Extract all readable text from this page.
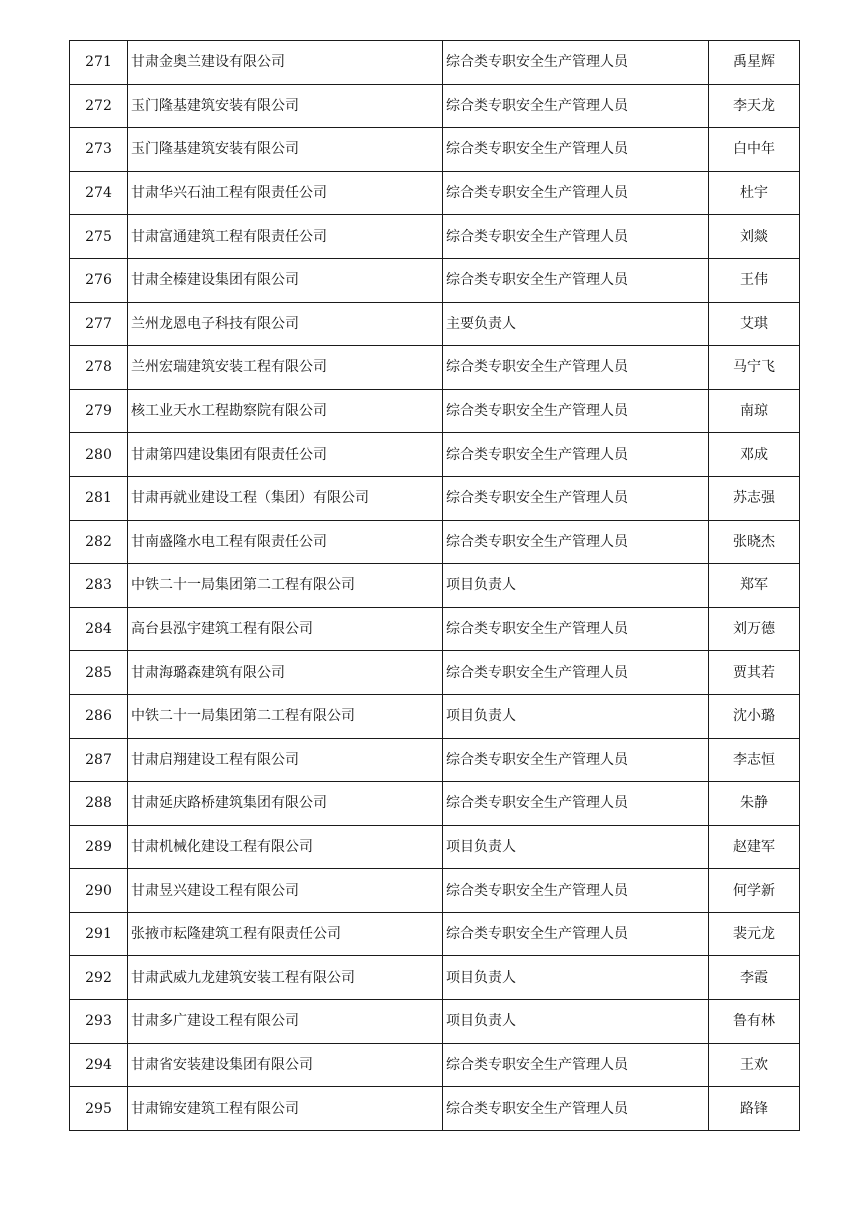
271	甘肃金奥兰建设有限公司	综合类专职安全生产管理人员	禹星辉
272	玉门隆基建筑安装有限公司	综合类专职安全生产管理人员	李天龙
273	玉门隆基建筑安装有限公司	综合类专职安全生产管理人员	白中年
274	甘肃华兴石油工程有限责任公司	综合类专职安全生产管理人员	杜宇
275	甘肃富通建筑工程有限责任公司	综合类专职安全生产管理人员	刘燚
276	甘肃全榛建设集团有限公司	综合类专职安全生产管理人员	王伟
277	兰州龙恩电子科技有限公司	主要负责人	艾琪
278	兰州宏瑞建筑安装工程有限公司	综合类专职安全生产管理人员	马宁飞
279	核工业天水工程勘察院有限公司	综合类专职安全生产管理人员	南琼
280	甘肃第四建设集团有限责任公司	综合类专职安全生产管理人员	邓成
281	甘肃再就业建设工程（集团）有限公司	综合类专职安全生产管理人员	苏志强
282	甘南盛隆水电工程有限责任公司	综合类专职安全生产管理人员	张晓杰
283	中铁二十一局集团第二工程有限公司	项目负责人	郑军
284	高台县泓宇建筑工程有限公司	综合类专职安全生产管理人员	刘万德
285	甘肃海璐森建筑有限公司	综合类专职安全生产管理人员	贾其若
286	中铁二十一局集团第二工程有限公司	项目负责人	沈小璐
287	甘肃启翔建设工程有限公司	综合类专职安全生产管理人员	李志恒
288	甘肃延庆路桥建筑集团有限公司	综合类专职安全生产管理人员	朱静
289	甘肃机械化建设工程有限公司	项目负责人	赵建军
290	甘肃昱兴建设工程有限公司	综合类专职安全生产管理人员	何学新
291	张掖市耘隆建筑工程有限责任公司	综合类专职安全生产管理人员	裴元龙
292	甘肃武威九龙建筑安装工程有限公司	项目负责人	李霞
293	甘肃多广建设工程有限公司	项目负责人	鲁有林
294	甘肃省安装建设集团有限公司	综合类专职安全生产管理人员	王欢
295	甘肃锦安建筑工程有限公司	综合类专职安全生产管理人员	路锋
